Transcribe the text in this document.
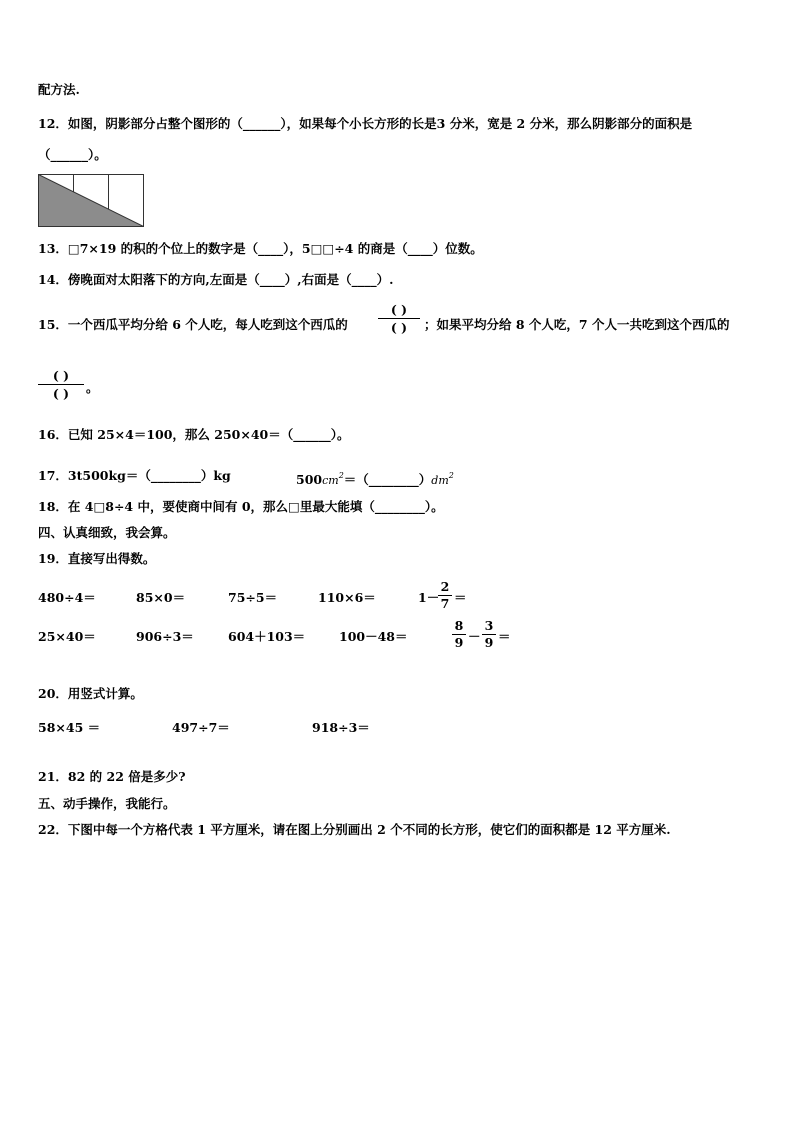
配方法.
12．如图，阴影部分占整个图形的（______），如果每个小长方形的长是3 分米，宽是 2 分米，那么阴影部分的面积是
（______）。
13．□7×19 的积的个位上的数字是（____），5□□÷4 的商是（____）位数。
14．傍晚面对太阳落下的方向,左面是（____）,右面是（____）.
15．一个西瓜平均分给 6 个人吃，每人吃到这个西瓜的
( )
( )	；如果平均分给 8 个人吃，7 个人一共吃到这个西瓜的
( )
( )	。
16．已知 25×4＝100，那么 250×40＝（______）。
17．3t500kg＝（________）kg	$500cm^2=(\_\_\_\_\_\_\_\_)dm^2$
18．在 4□8÷4 中，要使商中间有 0，那么□里最大能填（________）。
四、认真细致，我会算。
19．直接写出得数。
480÷4＝	85×0＝	75÷5＝	110×6＝	1－
2
7 ＝
25×40＝	906÷3＝	604＋103＝	100－48＝
8
9 －
3
9 ＝
20．用竖式计算。
58×45 ＝	497÷7＝	918÷3＝
21．82 的 22 倍是多少?
五、动手操作，我能行。
22．下图中每一个方格代表 1 平方厘米，请在图上分别画出 2 个不同的长方形，使它们的面积都是 12 平方厘米.
